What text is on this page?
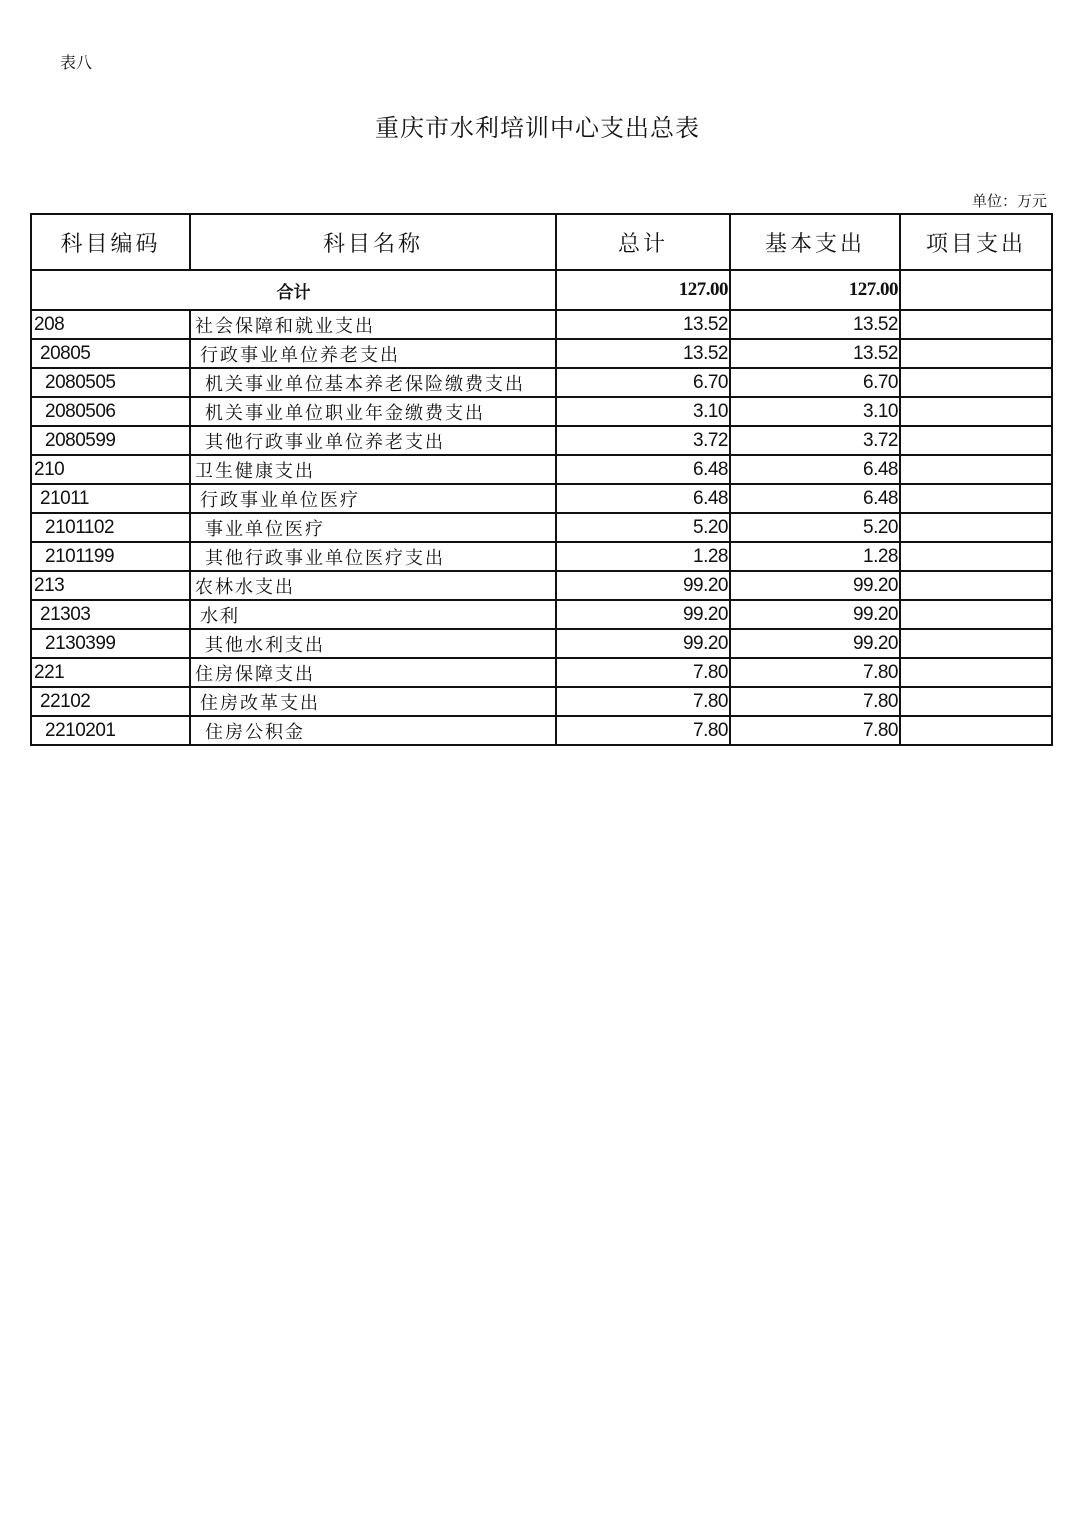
表八
重庆市水利培训中心支出总表
单位：万元
科目编码	科目名称	总计	基本支出	项目支出
合计		127.00	127.00	
208	社会保障和就业支出	13.52	13.52	
20805	行政事业单位养老支出	13.52	13.52	
2080505	机关事业单位基本养老保险缴费支出	6.70	6.70	
2080506	机关事业单位职业年金缴费支出	3.10	3.10	
2080599	其他行政事业单位养老支出	3.72	3.72	
210	卫生健康支出	6.48	6.48	
21011	行政事业单位医疗	6.48	6.48	
2101102	事业单位医疗	5.20	5.20	
2101199	其他行政事业单位医疗支出	1.28	1.28	
213	农林水支出	99.20	99.20	
21303	水利	99.20	99.20	
2130399	其他水利支出	99.20	99.20	
221	住房保障支出	7.80	7.80	
22102	住房改革支出	7.80	7.80	
2210201	住房公积金	7.80	7.80	
